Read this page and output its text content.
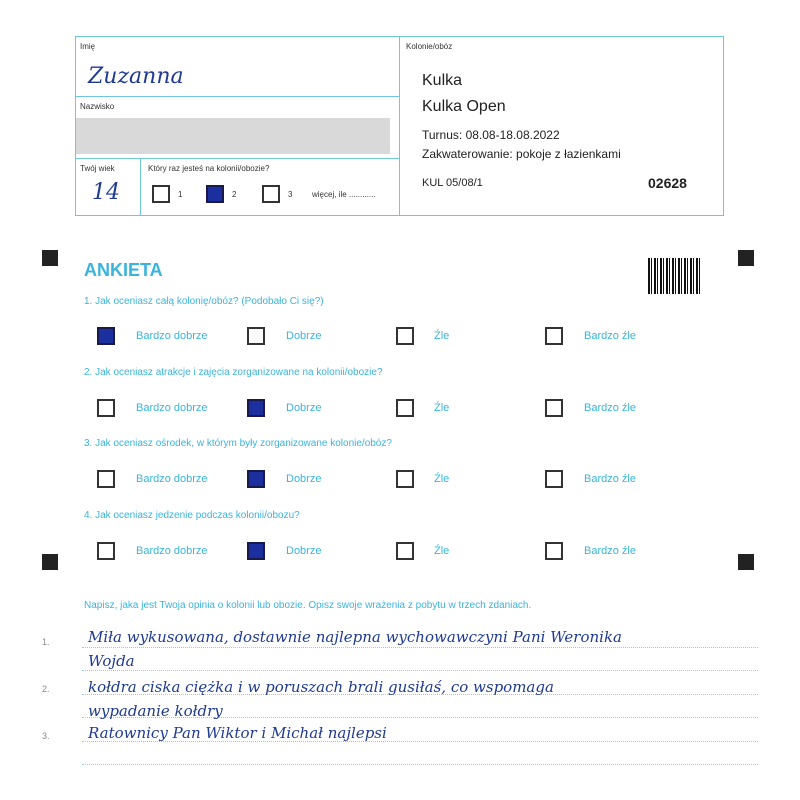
Imię
Zuzanna
Nazwisko
Twój wiek
14
Który raz jesteś na kolonii/obozie?
1	2	3 więcej, ile ............
Kolonie/obóz
Kulka
Kulka Open
Turnus: 08.08-18.08.2022
Zakwaterowanie: pokoje z łazienkami
KUL 05/08/1	02628
ANKIETA
1. Jak oceniasz całą kolonię/obóz? (Podobało Ci się?)
Bardzo dobrze	Dobrze	Źle	Bardzo źle
2. Jak oceniasz atrakcje i zajęcia zorganizowane na kolonii/obozie?
Bardzo dobrze	Dobrze	Źle	Bardzo źle
3. Jak oceniasz ośrodek, w którym były zorganizowane kolonie/obóz?
Bardzo dobrze	Dobrze	Źle	Bardzo źle
4. Jak oceniasz jedzenie podczas kolonii/obozu?
Bardzo dobrze	Dobrze	Źle	Bardzo źle
Napisz, jaka jest Twoja opinia o kolonii lub obozie. Opisz swoje wrażenia z pobytu w trzech zdaniach.
1.	Miła wykusowana, dostawnie najlepna wychowawczyni Pani Weronika
Wojda
2.	kołdra ciska ciężka i w poruszach brali gusiłaś, co wspomaga
wypadanie kołdry
3.	Ratownicy Pan Wiktor i Michał najlepsi
